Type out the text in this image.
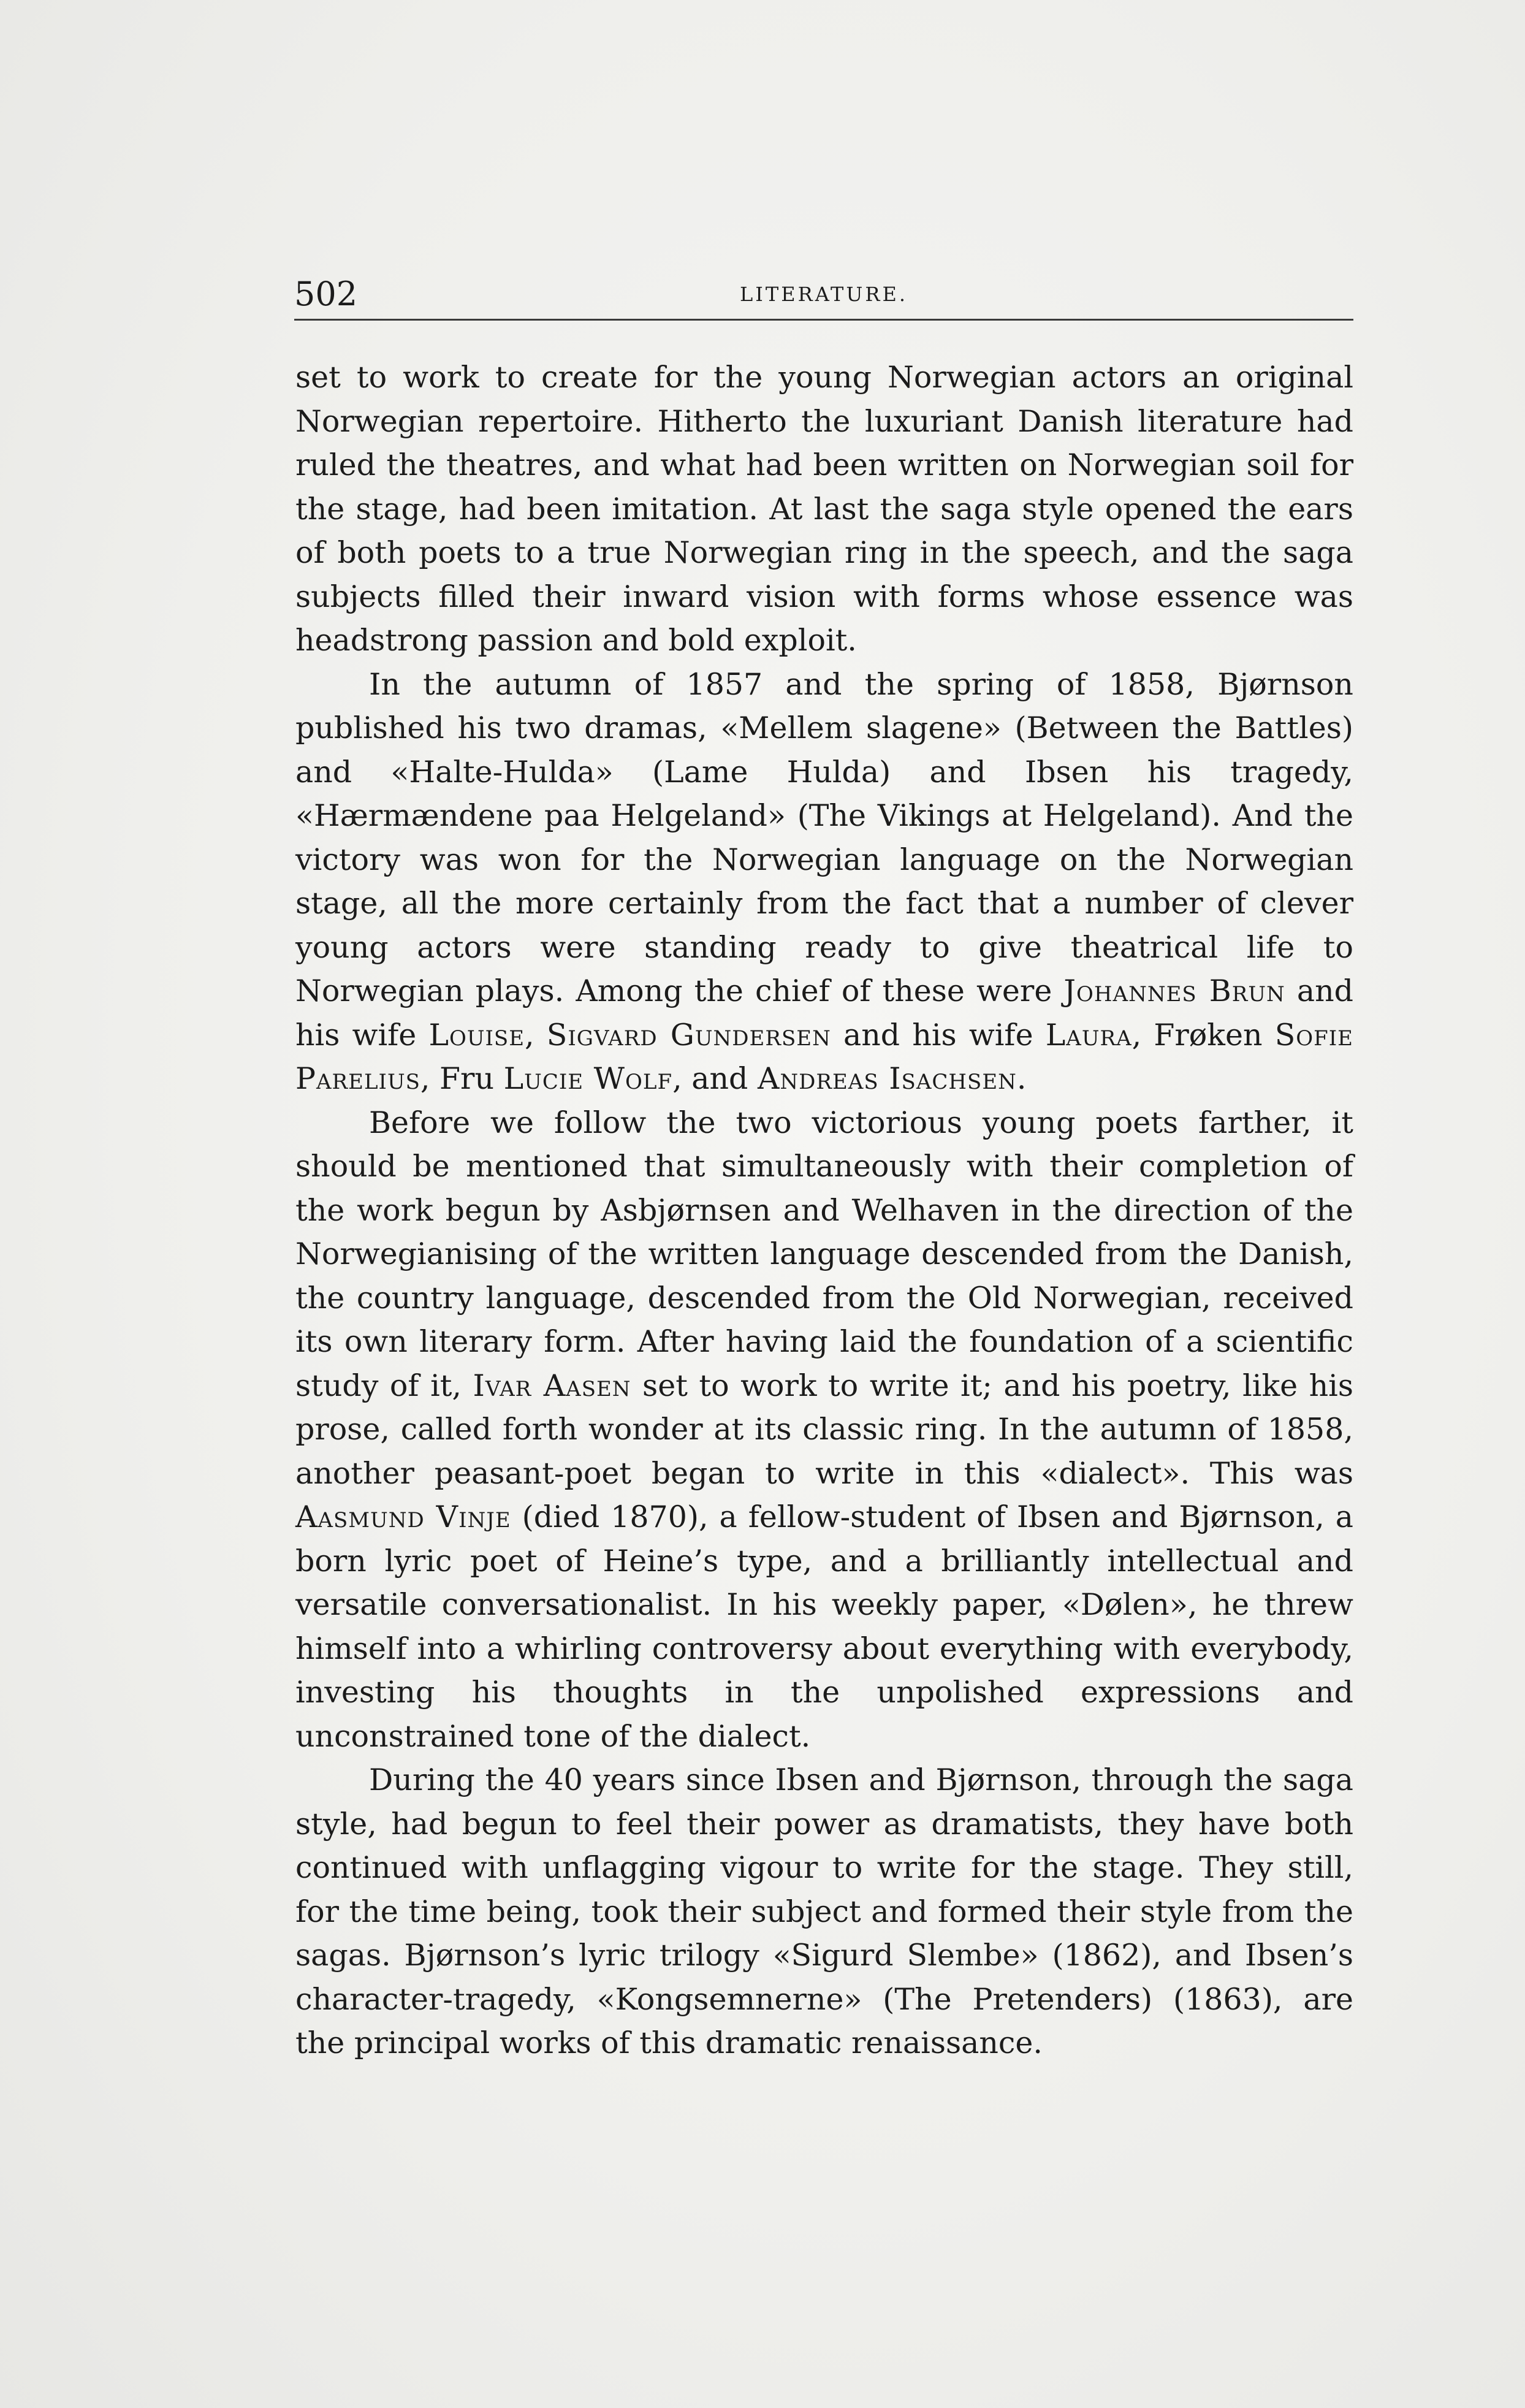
502	LITERATURE.

set to work to create for the young Norwegian actors an original Norwegian repertoire. Hitherto the luxuriant Danish literature had ruled the theatres, and what had been written on Norwegian soil for the stage, had been imitation. At last the saga style opened the ears of both poets to a true Norwegian ring in the speech, and the saga subjects filled their inward vision with forms whose essence was headstrong passion and bold exploit.

In the autumn of 1857 and the spring of 1858, Bjørnson published his two dramas, «Mellem slagene» (Between the Battles) and «Halte-Hulda» (Lame Hulda) and Ibsen his tragedy, «Hærmændene paa Helgeland» (The Vikings at Helgeland). And the victory was won for the Norwegian language on the Norwegian stage, all the more certainly from the fact that a number of clever young actors were standing ready to give theatrical life to Norwegian plays. Among the chief of these were Johannes Brun and his wife Louise, Sigvard Gundersen and his wife Laura, Frøken Sofie Parelius, Fru Lucie Wolf, and Andreas Isachsen.

Before we follow the two victorious young poets farther, it should be mentioned that simultaneously with their completion of the work begun by Asbjørnsen and Welhaven in the direction of the Norwegianising of the written language descended from the Danish, the country language, descended from the Old Norwegian, received its own literary form. After having laid the foundation of a scientific study of it, Ivar Aasen set to work to write it; and his poetry, like his prose, called forth wonder at its classic ring. In the autumn of 1858, another peasant-poet began to write in this «dialect». This was Aasmund Vinje (died 1870), a fellow-student of Ibsen and Bjørnson, a born lyric poet of Heine’s type, and a brilliantly intellectual and versatile conversationalist. In his weekly paper, «Dølen», he threw himself into a whirling controversy about everything with everybody, investing his thoughts in the unpolished expressions and unconstrained tone of the dialect.

During the 40 years since Ibsen and Bjørnson, through the saga style, had begun to feel their power as dramatists, they have both continued with unflagging vigour to write for the stage. They still, for the time being, took their subject and formed their style from the sagas. Bjørnson’s lyric trilogy «Sigurd Slembe» (1862), and Ibsen’s character-tragedy, «Kongsemnerne» (The Pretenders) (1863), are the principal works of this dramatic renaissance.
